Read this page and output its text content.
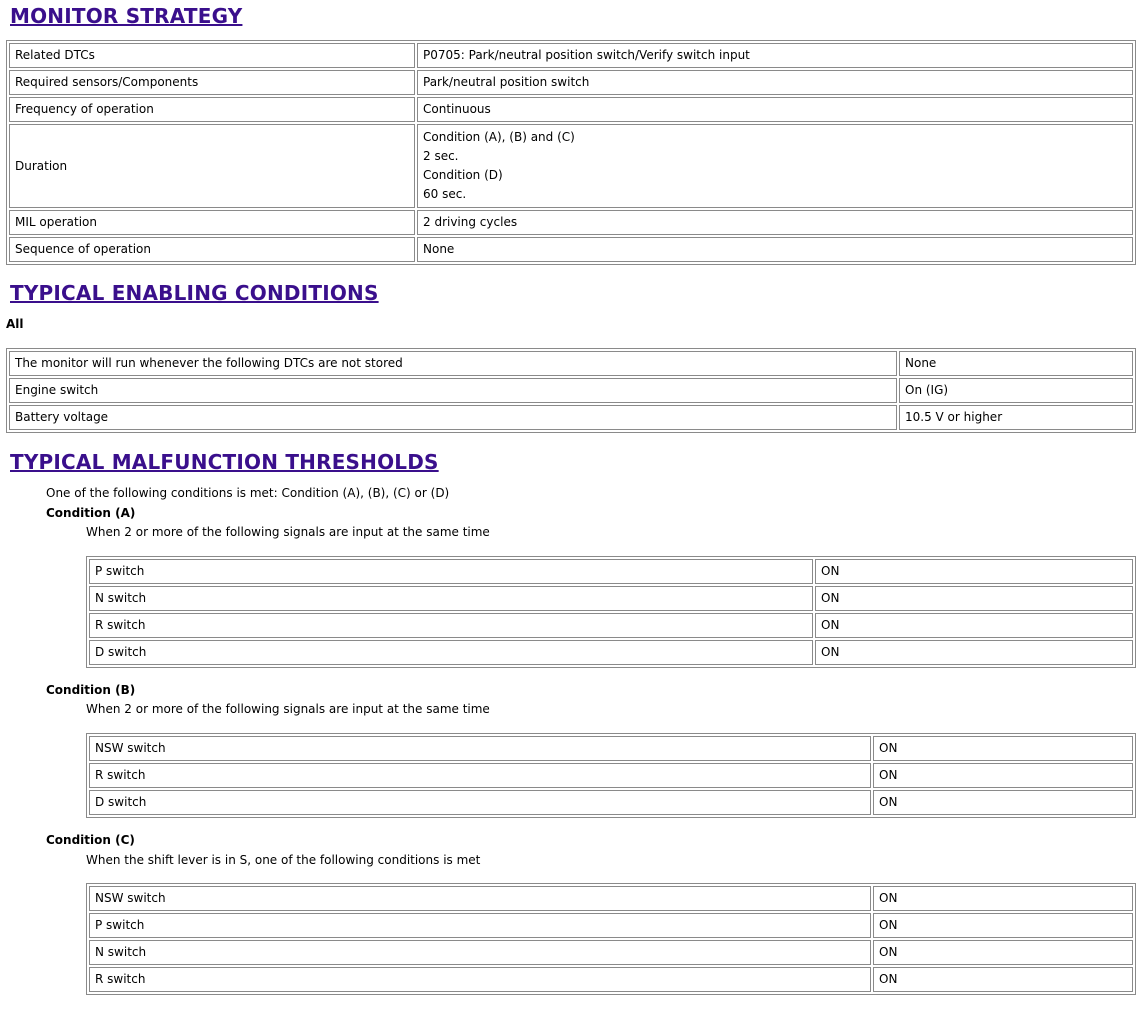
MONITOR STRATEGY
Related DTCs	P0705: Park/neutral position switch/Verify switch input
Required sensors/Components	Park/neutral position switch
Frequency of operation	Continuous
Duration	Condition (A), (B) and (C)
2 sec.
Condition (D)
60 sec.

MIL operation	2 driving cycles
Sequence of operation	None
TYPICAL ENABLING CONDITIONS

All

The monitor will run whenever the following DTCs are not stored	None
Engine switch	On (IG)
Battery voltage	10.5 V or higher
TYPICAL MALFUNCTION THRESHOLDS

One of the following conditions is met: Condition (A), (B), (C) or (D)

Condition (A)

When 2 or more of the following signals are input at the same time

P switch	ON
N switch	ON
R switch	ON
D switch	ON

Condition (B)

When 2 or more of the following signals are input at the same time

NSW switch	ON
R switch	ON
D switch	ON

Condition (C)

When the shift lever is in S, one of the following conditions is met

NSW switch	ON
P switch	ON
N switch	ON
R switch	ON
